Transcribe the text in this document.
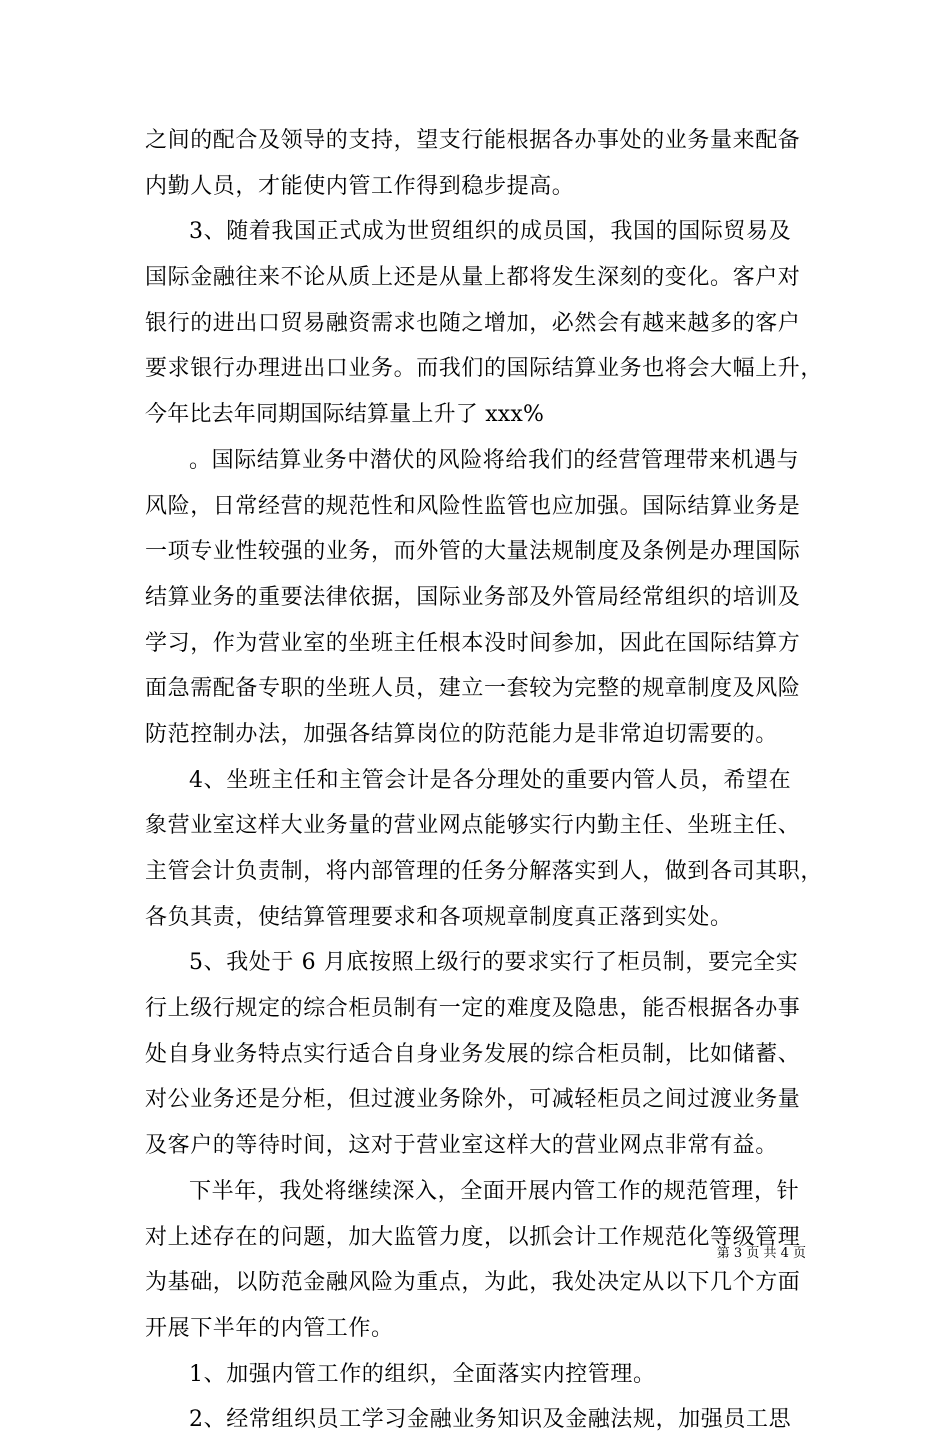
之间的配合及领导的支持，望支行能根据各办事处的业务量来配备
内勤人员，才能使内管工作得到稳步提高。
3、随着我国正式成为世贸组织的成员国，我国的国际贸易及
国际金融往来不论从质上还是从量上都将发生深刻的变化。客户对
银行的进出口贸易融资需求也随之增加，必然会有越来越多的客户
要求银行办理进出口业务。而我们的国际结算业务也将会大幅上升，
今年比去年同期国际结算量上升了 xxx%
。国际结算业务中潜伏的风险将给我们的经营管理带来机遇与
风险，日常经营的规范性和风险性监管也应加强。国际结算业务是
一项专业性较强的业务，而外管的大量法规制度及条例是办理国际
结算业务的重要法律依据，国际业务部及外管局经常组织的培训及
学习，作为营业室的坐班主任根本没时间参加，因此在国际结算方
面急需配备专职的坐班人员，建立一套较为完整的规章制度及风险
防范控制办法，加强各结算岗位的防范能力是非常迫切需要的。
4、坐班主任和主管会计是各分理处的重要内管人员，希望在
象营业室这样大业务量的营业网点能够实行内勤主任、坐班主任、
主管会计负责制，将内部管理的任务分解落实到人，做到各司其职，
各负其责，使结算管理要求和各项规章制度真正落到实处。
5、我处于 6 月底按照上级行的要求实行了柜员制，要完全实
行上级行规定的综合柜员制有一定的难度及隐患，能否根据各办事
处自身业务特点实行适合自身业务发展的综合柜员制，比如储蓄、
对公业务还是分柜，但过渡业务除外，可减轻柜员之间过渡业务量
及客户的等待时间，这对于营业室这样大的营业网点非常有益。
下半年，我处将继续深入，全面开展内管工作的规范管理，针
对上述存在的问题，加大监管力度，以抓会计工作规范化等级管理
为基础，以防范金融风险为重点，为此，我处决定从以下几个方面
开展下半年的内管工作。
1、加强内管工作的组织，全面落实内控管理。
2、经常组织员工学习金融业务知识及金融法规，加强员工思
第 3 页 共 4 页
